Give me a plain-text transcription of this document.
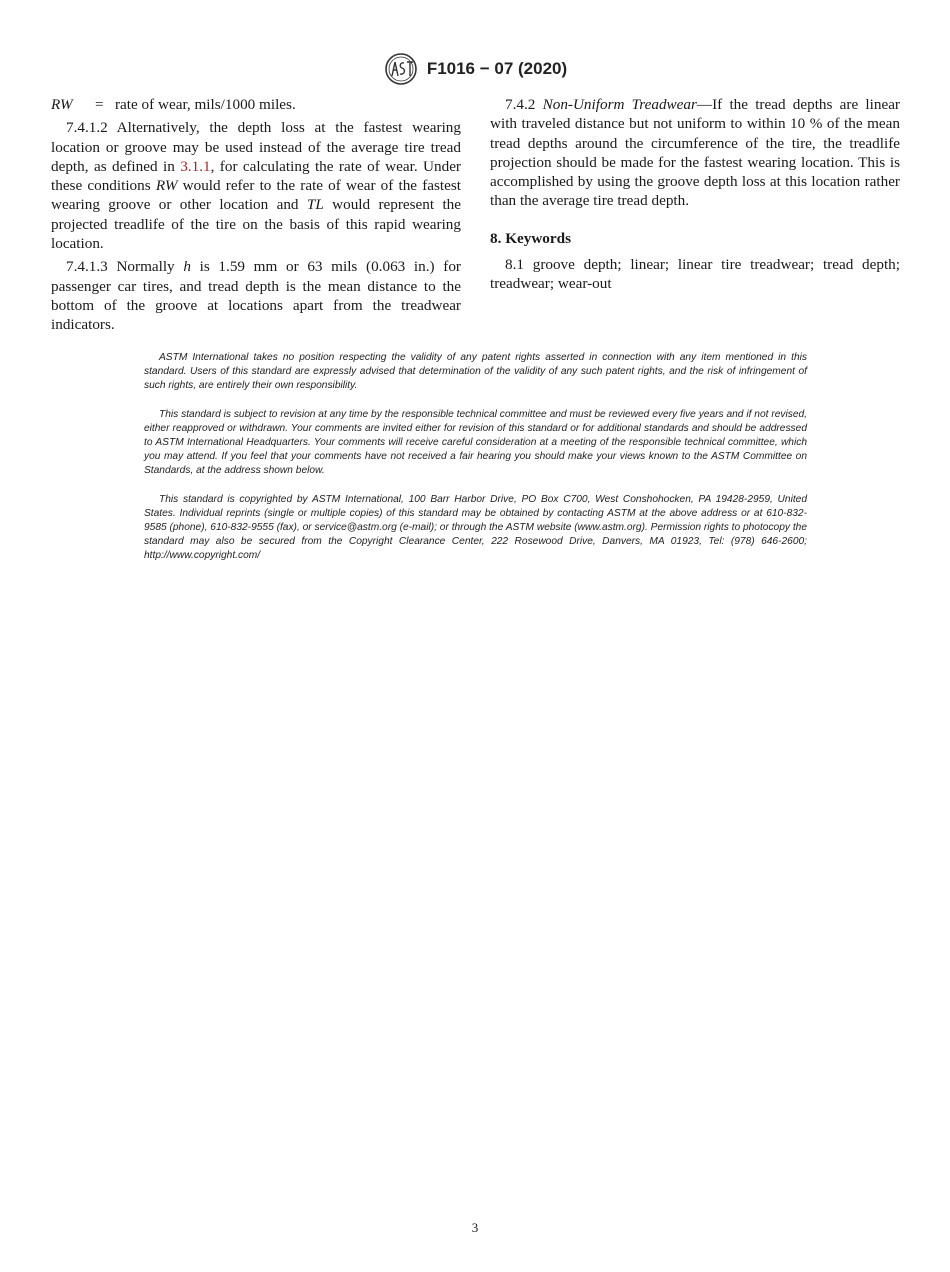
F1016 − 07 (2020)
RW	= rate of wear, mils/1000 miles.

7.4.1.2 Alternatively, the depth loss at the fastest wearing location or groove may be used instead of the average tire tread depth, as defined in 3.1.1, for calculating the rate of wear. Under these conditions RW would refer to the rate of wear of the fastest wearing groove or other location and TL would represent the projected treadlife of the tire on the basis of this rapid wearing location.

7.4.1.3 Normally h is 1.59 mm or 63 mils (0.063 in.) for passenger car tires, and tread depth is the mean distance to the bottom of the groove at locations apart from the treadwear indicators.

7.4.2 Non-Uniform Treadwear—If the tread depths are linear with traveled distance but not uniform to within 10 % of the mean tread depths around the circumference of the tire, the treadlife projection should be made for the fastest wearing location. This is accomplished by using the groove depth loss at this location rather than the average tire tread depth.

8. Keywords

8.1 groove depth; linear; linear tire treadwear; tread depth; treadwear; wear-out

ASTM International takes no position respecting the validity of any patent rights asserted in connection with any item mentioned in this standard. Users of this standard are expressly advised that determination of the validity of any such patent rights, and the risk of infringement of such rights, are entirely their own responsibility.

This standard is subject to revision at any time by the responsible technical committee and must be reviewed every five years and if not revised, either reapproved or withdrawn. Your comments are invited either for revision of this standard or for additional standards and should be addressed to ASTM International Headquarters. Your comments will receive careful consideration at a meeting of the responsible technical committee, which you may attend. If you feel that your comments have not received a fair hearing you should make your views known to the ASTM Committee on Standards, at the address shown below.

This standard is copyrighted by ASTM International, 100 Barr Harbor Drive, PO Box C700, West Conshohocken, PA 19428-2959, United States. Individual reprints (single or multiple copies) of this standard may be obtained by contacting ASTM at the above address or at 610-832-9585 (phone), 610-832-9555 (fax), or service@astm.org (e-mail); or through the ASTM website (www.astm.org). Permission rights to photocopy the standard may also be secured from the Copyright Clearance Center, 222 Rosewood Drive, Danvers, MA 01923, Tel: (978) 646-2600; http://www.copyright.com/

3
